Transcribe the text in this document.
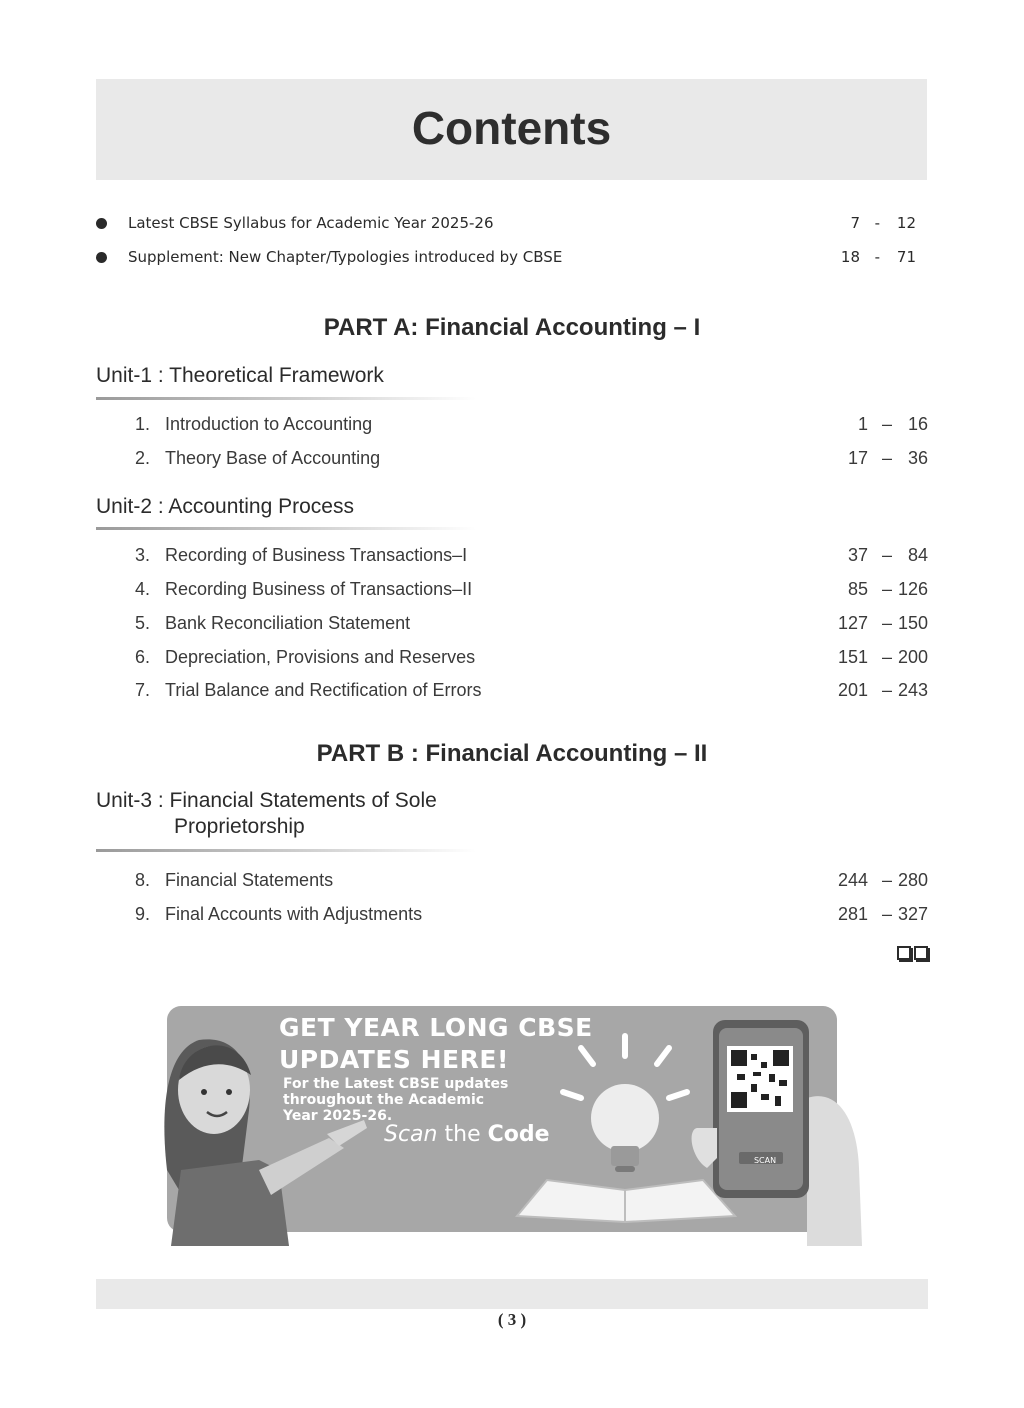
Contents
Latest CBSE Syllabus for Academic Year 2025-26	7 -	12
Supplement: New Chapter/Typologies introduced by CBSE	18 -	71
PART A: Financial Accounting – I
Unit-1 : Theoretical Framework
1. Introduction to Accounting	1 – 16
2. Theory Base of Accounting	17 – 36
Unit-2 : Accounting Process
3. Recording of Business Transactions–I	37 – 84
4. Recording Business of Transactions–II	85 – 126
5. Bank Reconciliation Statement	127 – 150
6. Depreciation, Provisions and Reserves	151 – 200
7. Trial Balance and Rectification of Errors	201 – 243
PART B : Financial Accounting – II
Unit-3 : Financial Statements of Sole
Proprietorship
8. Financial Statements	244 – 280
9. Final Accounts with Adjustments	281 – 327
GET YEAR LONG CBSE
UPDATES HERE!
For the Latest CBSE updates
throughout the Academic
Year 2025-26.
Scan the Code
SCAN
( 3 )
